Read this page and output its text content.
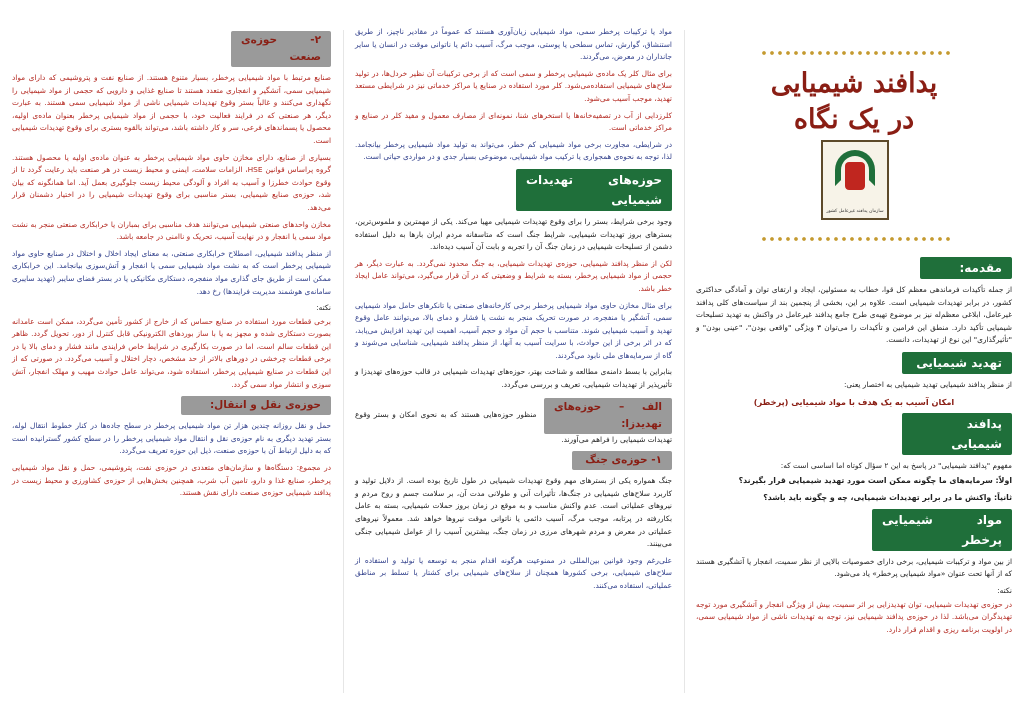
پدافند شیمیایی
در یک نگاه
سازمان پدافند غیرعامل کشور
مقدمه:

از جمله تأکیدات فرماندهی معظم کل قوا، خطاب به مسئولین، ایجاد و ارتقای توان و آمادگی حداکثری کشور، در برابر تهدیدات شیمیایی است. علاوه بر این، بخشی از پنجمین بند از سیاست‌های کلی پدافند غیرعامل، ابلاغی معظم‌له نیز بر موضوع تهیه‌ی طرح جامع پدافند غیرعامل در واکنش به تهدید تسلیحات شیمیایی تأکید دارد. منطق این فرامین و تأکیدات را می‌توان ۳ ویژگی "واقعی بودن"، "عینی بودن" و "تأثیرگذاری" این نوع از تهدیدات، دانست.

تهدید شیمیایی

از منظر پدافند شیمیایی تهدید شیمیایی به اختصار یعنی:

امکان آسیب به یک هدف با مواد شیمیایی (پرخطر)

پدافند شیمیایی

مفهوم "پدافند شیمیایی" در پاسخ به این ۲ سؤال کوتاه اما اساسی است که:

اولاً: سرمایه‌های ما چگونه ممکن است مورد تهدید شیمیایی قرار بگیرند؟

ثانیاً: واکنش ما در برابر تهدیدات شیمیایی، چه و چگونه باید باشد؟

مواد شیمیایی پرخطر

از بین مواد و ترکیبات شیمیایی، برخی دارای خصوصیات بالایی از نظر سمیت، انفجار یا آتشگیری هستند که از آنها تحت عنوان «مواد شیمیایی پرخطر» یاد می‌شود.

نکته:

در حوزه‌ی تهدیدات شیمیایی، توان تهدیدزایی بر اثر سمیت، بیش از ویژگی انفجار و آتشگیری مورد توجه تهدیدگران می‌باشد. لذا در حوزه‌ی پدافند شیمیایی نیز، توجه به تهدیدات ناشی از مواد شیمیایی سمی، در اولویت برنامه ریزی و اقدام قرار دارد.

مواد یا ترکیبات پرخطر سمی، مواد شیمیایی زیان‌آوری هستند که عموماً در مقادیر ناچیز، از طریق استنشاق، گوارش، تماس سطحی یا پوستی، موجب مرگ، آسیب دائم یا ناتوانی موقت در انسان یا سایر جانداران در معرض، می‌گردند.

برای مثال کلر یک ماده‌ی شیمیایی پرخطر و سمی است که از برخی ترکیبات آن نظیر خردل‌ها، در تولید سلاح‌های شیمیایی استفاده‌می‌شود. کلر مورد استفاده در صنایع یا مراکز خدماتی نیز در شرایطی مستعد تهدید، موجب آسیب می‌شود.

کلرزدایی از آب در تصفیه‌خانه‌ها یا استخرهای شنا، نمونه‌ای از مصارف معمول و مفید کلر در صنایع و مراکز خدماتی است.

در شرایطی، مجاورت برخی مواد شیمیایی کم خطر، می‌تواند به تولید مواد شیمیایی پرخطر بیانجامد. لذا، توجه به نحوه‌ی همجواری یا ترکیب مواد شیمیایی، موضوعی بسیار جدی و در مواردی حیاتی است.

حوزه‌های تهدیدات شیمیایی

وجود برخی شرایط، بستر را برای وقوع تهدیدات شیمیایی مهیا می‌کند. یکی از مهمترین و ملموس‌ترین، بسترهای بروز تهدیدات شیمیایی، شرایط جنگ است که متاسفانه مردم ایران بارها به دلیل استفاده دشمن از تسلیحات شیمیایی در زمان جنگ آن را تجربه و بابت آن آسیب دیده‌اند.

لکن از منظر پدافند شیمیایی، حوزه‌ی تهدیدات شیمیایی، به جنگ محدود نمی‌گردد. به عبارت دیگر، هر حجمی از مواد شیمیایی پرخطر، بسته به شرایط و وضعیتی که در آن قرار می‌گیرد، می‌تواند عامل ایجاد خطر باشد.

برای مثال مخازن حاوی مواد شیمیایی پرخطر برخی کارخانه‌های صنعتی یا تانکرهای حامل مواد شیمیایی سمی، آتشگیر یا منفجره، در صورت تحریک منجر به نشت یا فشار و دمای بالا، می‌توانند عامل وقوع تهدید و آسیب شیمیایی شوند. متناسب با حجم آن مواد و حجم آسیب، اهمیت این تهدید افزایش می‌یابد، که در اثر برخی از این حوادث، با سرایت آسیب به آنها، از منظر پدافند شیمیایی، شناسایی می‌شوند و گاه از سرمایه‌های ملی نابود می‌گردند.

بنابراین با بسط دامنه‌ی مطالعه و شناخت بهتر، حوزه‌های تهدیدات شیمیایی در قالب حوزه‌های تهدیدزا و تأثیرپذیر از تهدیدات شیمیایی، تعریف و بررسی می‌گردد.

الف – حوزه‌های تهدیدزا: منظور حوزه‌هایی هستند که به نحوی امکان و بستر وقوع تهدیدات شیمیایی را فراهم می‌آورند.

۱- حوزه‌ی جنگ

جنگ همواره یکی از بسترهای مهم وقوع تهدیدات شیمیایی در طول تاریخ بوده است. از دلایل تولید و کاربرد سلاح‌های شیمیایی در جنگ‌ها، تأثیرات آنی و طولانی مدت آن، بر سلامت جسم و روح مردم و نیروهای عملیاتی است. عدم واکنش مناسب و به موقع در زمان بروز حملات شیمیایی، بسته به عامل بکاررفته در پرتابه، موجب مرگ، آسیب دائمی یا ناتوانی موقت نیروها خواهد شد. معمولاً نیروهای عملیاتی در معرض و مردم شهرهای مرزی در زمان جنگ، بیشترین آسیب را از عوامل شیمیایی جنگی می‌بینند.

علی‌رغم وجود قوانین بین‌المللی در ممنوعیت هرگونه اقدام منجر به توسعه یا تولید و استفاده از سلاح‌های شیمیایی، برخی کشورها همچنان از سلاح‌های شیمیایی برای کشتار یا تسلط بر مناطق عملیاتی، استفاده می‌کنند.

۲- حوزه‌ی صنعت

صنایع مرتبط با مواد شیمیایی پرخطر، بسیار متنوع هستند. از صنایع نفت و پتروشیمی که دارای مواد شیمیایی سمی، آتشگیر و انفجاری متعدد هستند تا صنایع غذایی و دارویی که حجمی از مواد شیمیایی را نگهداری می‌کنند و غالباً بستر وقوع تهدیدات شیمیایی ناشی از مواد شیمیایی سمی هستند. به عبارت دیگر، هر صنعتی که در فرایند فعالیت خود، با حجمی از مواد شیمیایی پرخطر بعنوان ماده‌ی اولیه، محصول یا پسماندهای فرعی، سر و کار داشته باشد، می‌تواند بالقوه بستری برای وقوع تهدیدات شیمیایی است.

بسیاری از صنایع، دارای مخازن حاوی مواد شیمیایی پرخطر به عنوان ماده‌ی اولیه یا محصول هستند. گروه پراساس قوانین HSE، الزامات سلامت، ایمنی و محیط زیست در هر صنعت باید رعایت گردد تا از وقوع حوادث خطرزا و آسیب به افراد و آلودگی محیط زیست جلوگیری بعمل آید. اما همانگونه که بیان شد، حوزه‌ی صنایع شیمیایی، بستر مناسبی برای وقوع تهدیدات شیمیایی را در اختیار دشمنان قرار می‌دهد.

مخازن واحدهای صنعتی شیمیایی می‌توانند هدف مناسبی برای بمباران یا خرابکاری صنعتی منجر به نشت مواد سمی یا انفجار و در نهایت آسیب، تحریک و ناامنی در جامعه باشد.

از منظر پدافند شیمیایی، اصطلاح خرابکاری صنعتی، به معنای ایجاد اخلال و اختلال در صنایع حاوی مواد شیمیایی پرخطر است که به نشت مواد شیمیایی سمی یا انفجار و آتش‌سوزی بیانجامد. این خرابکاری ممکن است از طریق جای گذاری مواد منفجره، دستکاری مکانیکی یا در بستر فضای سایبر (تهدید سایبری سامانه‌ی هوشمند مدیریت فرایندها) رخ دهد.

نکته:

برخی قطعات مورد استفاده در صنایع حساس که از خارج از کشور تأمین می‌گردد، ممکن است عامدانه بصورت دستکاری شده و مجهز به یا با ساز بوردهای الکترونیکی قابل کنترل از دور، تحویل گردد. ظاهر این قطعات سالم است، اما در صورت بکارگیری در شرایط خاص فرایندی مانند فشار و دمای بالا یا در برخی قطعات چرخشی در دورهای بالاتر از حد مشخص، دچار اختلال و آسیب می‌گردد. در صورتی که از این قطعات در صنایع شیمیایی پرخطر، استفاده شود، می‌تواند عامل حوادث مهیب و مهلک انفجار، آتش سوزی و انتشار مواد سمی گردد.

حوزه‌ی نقل و انتقال:

حمل و نقل روزانه چندین هزار تن مواد شیمیایی پرخطر در سطح جاده‌ها در کنار خطوط انتقال لوله، بستر تهدید دیگری به نام حوزه‌ی نقل و انتقال مواد شیمیایی پرخطر را در سطح کشور گسترانیده است که به دلیل ارتباط آن با حوزه‌ی صنعت، ذیل این حوزه تعریف می‌گردد.

در مجموع: دستگاه‌ها و سازمان‌های متعددی در حوزه‌ی نفت، پتروشیمی، حمل و نقل مواد شیمیایی پرخطر، صنایع غذا و دارو، تامین آب شرب، همچنین بخش‌هایی از حوزه‌ی کشاورزی و محیط زیست در پدافند شیمیایی حوزه‌ی صنعت دارای نقش هستند.
